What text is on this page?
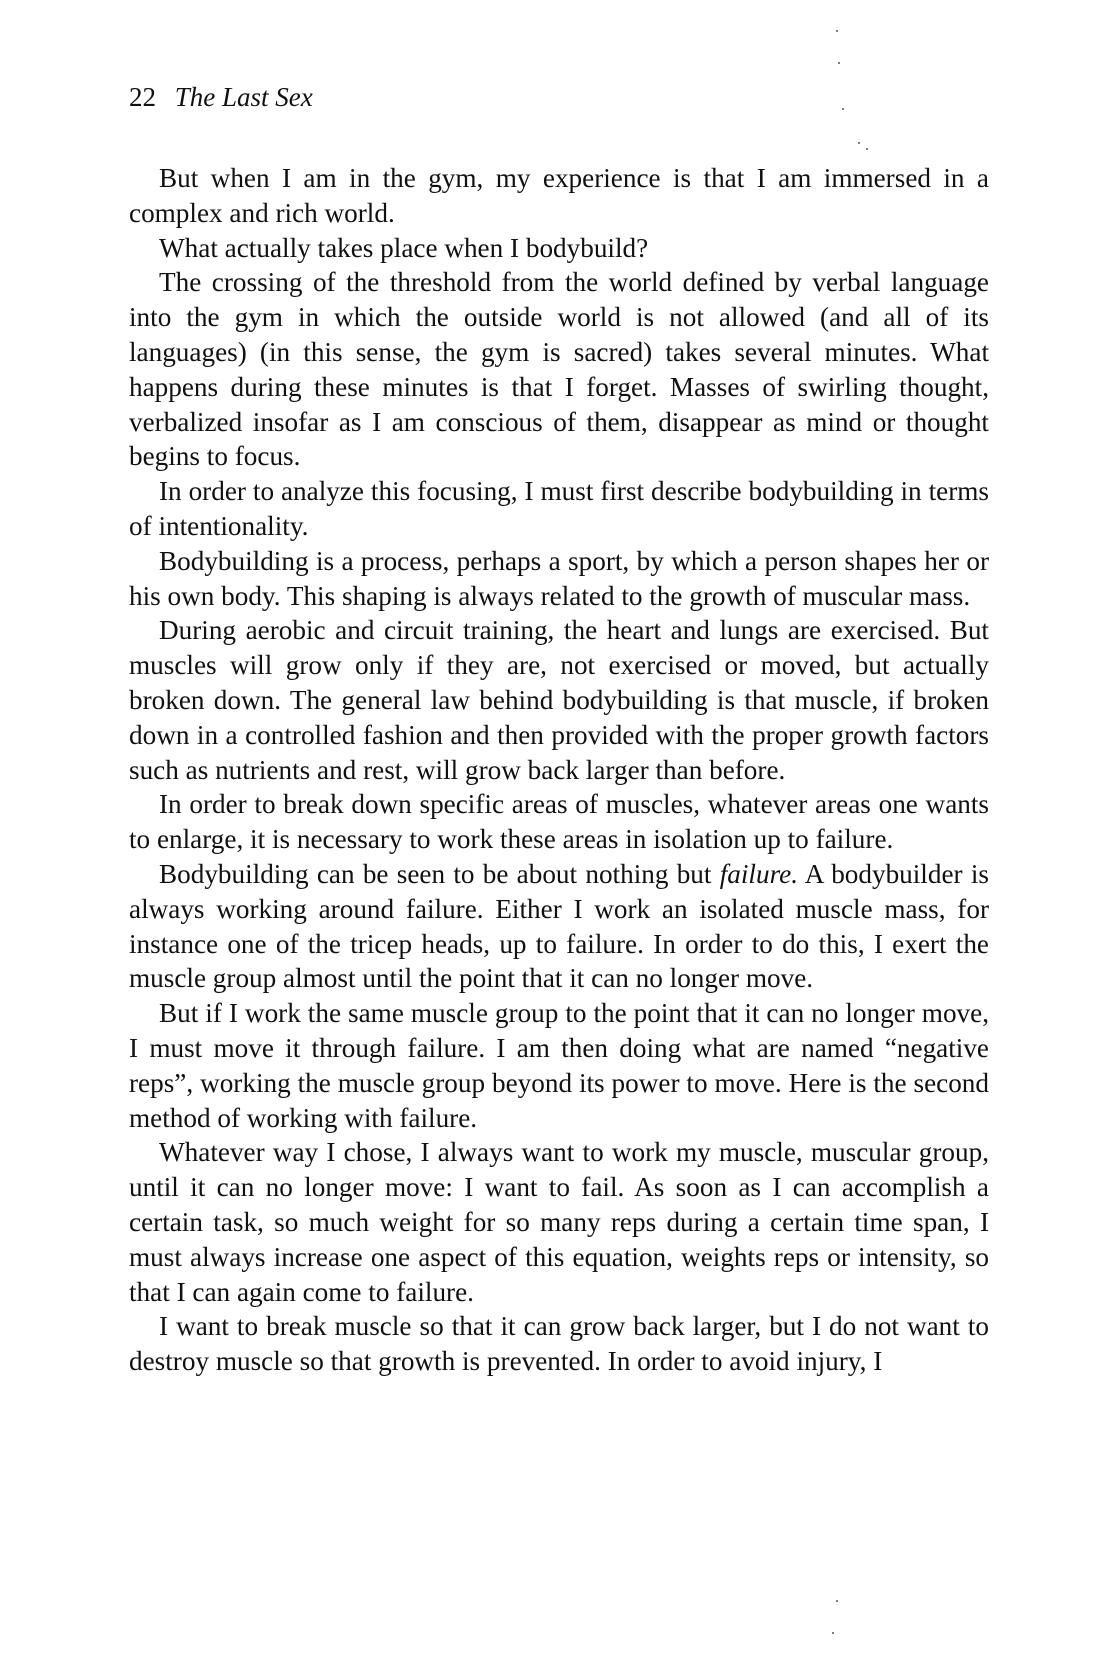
22 The Last Sex

But when I am in the gym, my experience is that I am immersed in a complex and rich world.

What actually takes place when I bodybuild?

The crossing of the threshold from the world defined by verbal language into the gym in which the outside world is not allowed (and all of its languages) (in this sense, the gym is sacred) takes several minutes. What happens during these minutes is that I forget. Masses of swirling thought, verbalized insofar as I am conscious of them, disappear as mind or thought begins to focus.

In order to analyze this focusing, I must first describe bodybuilding in terms of intentionality.

Bodybuilding is a process, perhaps a sport, by which a person shapes her or his own body. This shaping is always related to the growth of muscular mass.

During aerobic and circuit training, the heart and lungs are exercised. But muscles will grow only if they are, not exercised or moved, but actually broken down. The general law behind bodybuilding is that muscle, if broken down in a controlled fashion and then provided with the proper growth factors such as nutrients and rest, will grow back larger than before.

In order to break down specific areas of muscles, whatever areas one wants to enlarge, it is necessary to work these areas in isolation up to failure.

Bodybuilding can be seen to be about nothing but failure. A bodybuilder is always working around failure. Either I work an isolated muscle mass, for instance one of the tricep heads, up to failure. In order to do this, I exert the muscle group almost until the point that it can no longer move.

But if I work the same muscle group to the point that it can no longer move, I must move it through failure. I am then doing what are named “negative reps”, working the muscle group beyond its power to move. Here is the second method of working with failure.

Whatever way I chose, I always want to work my muscle, muscular group, until it can no longer move: I want to fail. As soon as I can accomplish a certain task, so much weight for so many reps during a certain time span, I must always increase one aspect of this equation, weights reps or intensity, so that I can again come to failure.

I want to break muscle so that it can grow back larger, but I do not want to destroy muscle so that growth is prevented. In order to avoid injury, I
